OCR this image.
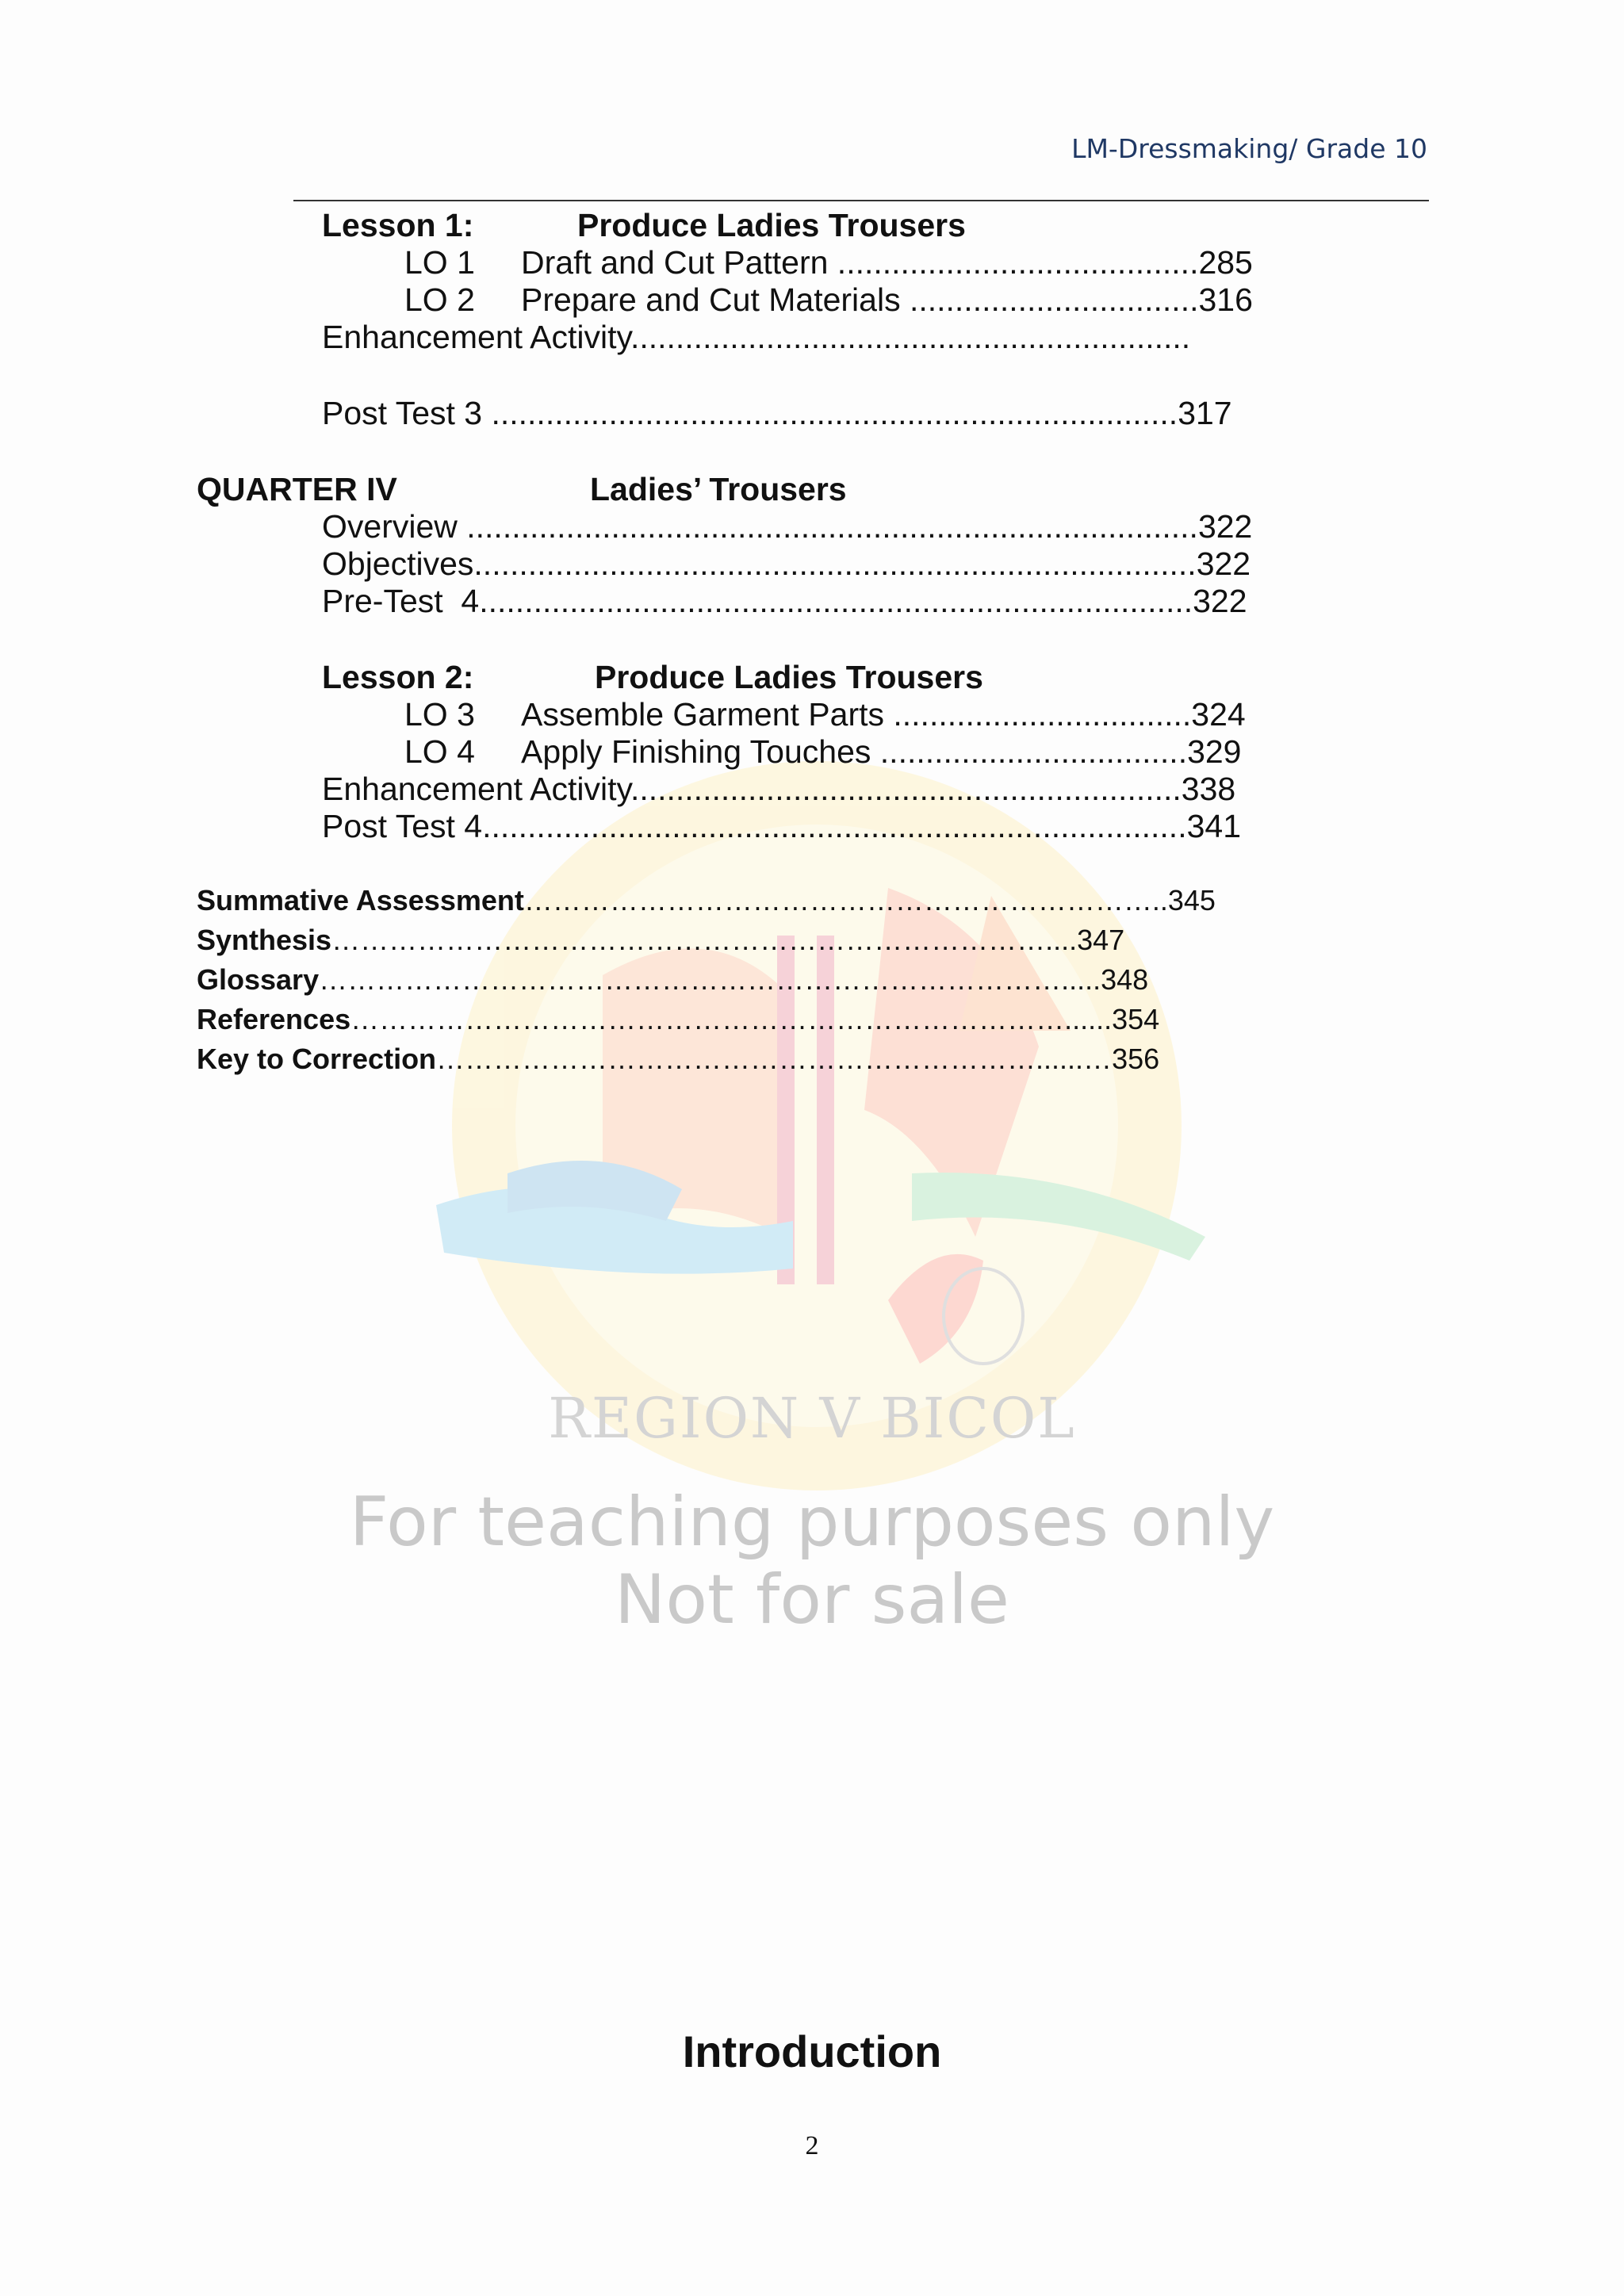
LM-Dressmaking/ Grade 10
REGION V BICOL
For teaching purposes only
Not for sale
Lesson 1:	Produce Ladies Trousers
LO 1 Draft and Cut Pattern ........................................285
LO 2 Prepare and Cut Materials ................................316
Enhancement Activity..............................................................
Post Test 3 ............................................................................317
QUARTER IV	Ladies’ Trousers
Overview .................................................................................322
Objectives................................................................................322
Pre-Test  4...............................................................................322
Lesson 2:	Produce Ladies Trousers
LO 3 Assemble Garment Parts .................................324
LO 4 Apply Finishing Touches ..................................329
Enhancement Activity.............................................................338
Post Test 4..............................................................................341
Summative Assessment…………………………………………………………..345
Synthesis…………………………………………………………………....347
Glossary…………………………………………………………………….....348
References…………………………………………………………………......354
Key to Correction………………………………………………………......…356
Introduction
2
